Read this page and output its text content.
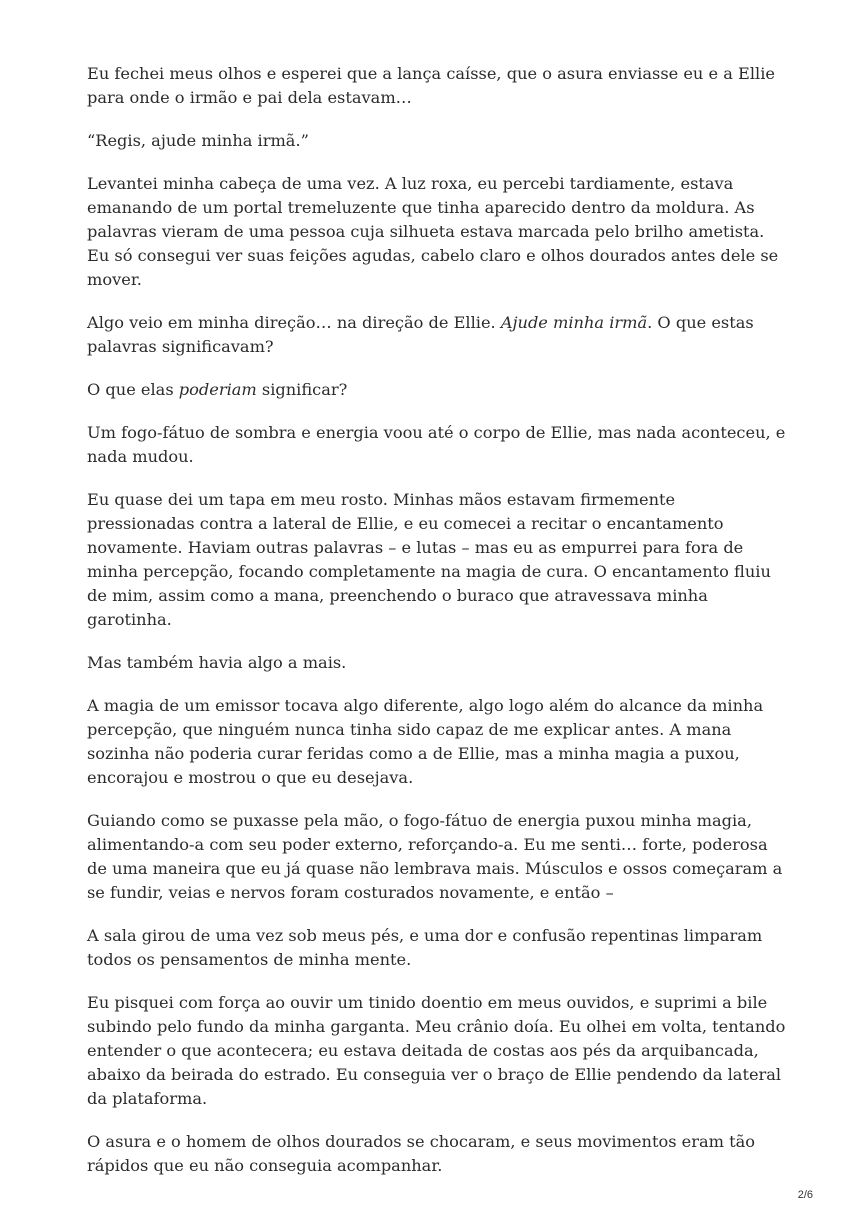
Eu fechei meus olhos e esperei que a lança caísse, que o asura enviasse eu e a Ellie para onde o irmão e pai dela estavam…

“Regis, ajude minha irmã.”

Levantei minha cabeça de uma vez. A luz roxa, eu percebi tardiamente, estava emanando de um portal tremeluzente que tinha aparecido dentro da moldura. As palavras vieram de uma pessoa cuja silhueta estava marcada pelo brilho ametista. Eu só consegui ver suas feições agudas, cabelo claro e olhos dourados antes dele se mover.

Algo veio em minha direção… na direção de Ellie. Ajude minha irmã. O que estas palavras significavam?

O que elas poderiam significar?

Um fogo-fátuo de sombra e energia voou até o corpo de Ellie, mas nada aconteceu, e nada mudou.

Eu quase dei um tapa em meu rosto. Minhas mãos estavam firmemente pressionadas contra a lateral de Ellie, e eu comecei a recitar o encantamento novamente. Haviam outras palavras – e lutas – mas eu as empurrei para fora de minha percepção, focando completamente na magia de cura. O encantamento fluiu de mim, assim como a mana, preenchendo o buraco que atravessava minha garotinha.

Mas também havia algo a mais.

A magia de um emissor tocava algo diferente, algo logo além do alcance da minha percepção, que ninguém nunca tinha sido capaz de me explicar antes. A mana sozinha não poderia curar feridas como a de Ellie, mas a minha magia a puxou, encorajou e mostrou o que eu desejava.

Guiando como se puxasse pela mão, o fogo-fátuo de energia puxou minha magia, alimentando-a com seu poder externo, reforçando-a. Eu me senti… forte, poderosa de uma maneira que eu já quase não lembrava mais. Músculos e ossos começaram a se fundir, veias e nervos foram costurados novamente, e então –

A sala girou de uma vez sob meus pés, e uma dor e confusão repentinas limparam todos os pensamentos de minha mente.

Eu pisquei com força ao ouvir um tinido doentio em meus ouvidos, e suprimi a bile subindo pelo fundo da minha garganta. Meu crânio doía. Eu olhei em volta, tentando entender o que acontecera; eu estava deitada de costas aos pés da arquibancada, abaixo da beirada do estrado. Eu conseguia ver o braço de Ellie pendendo da lateral da plataforma.

O asura e o homem de olhos dourados se chocaram, e seus movimentos eram tão rápidos que eu não conseguia acompanhar.

2/6
